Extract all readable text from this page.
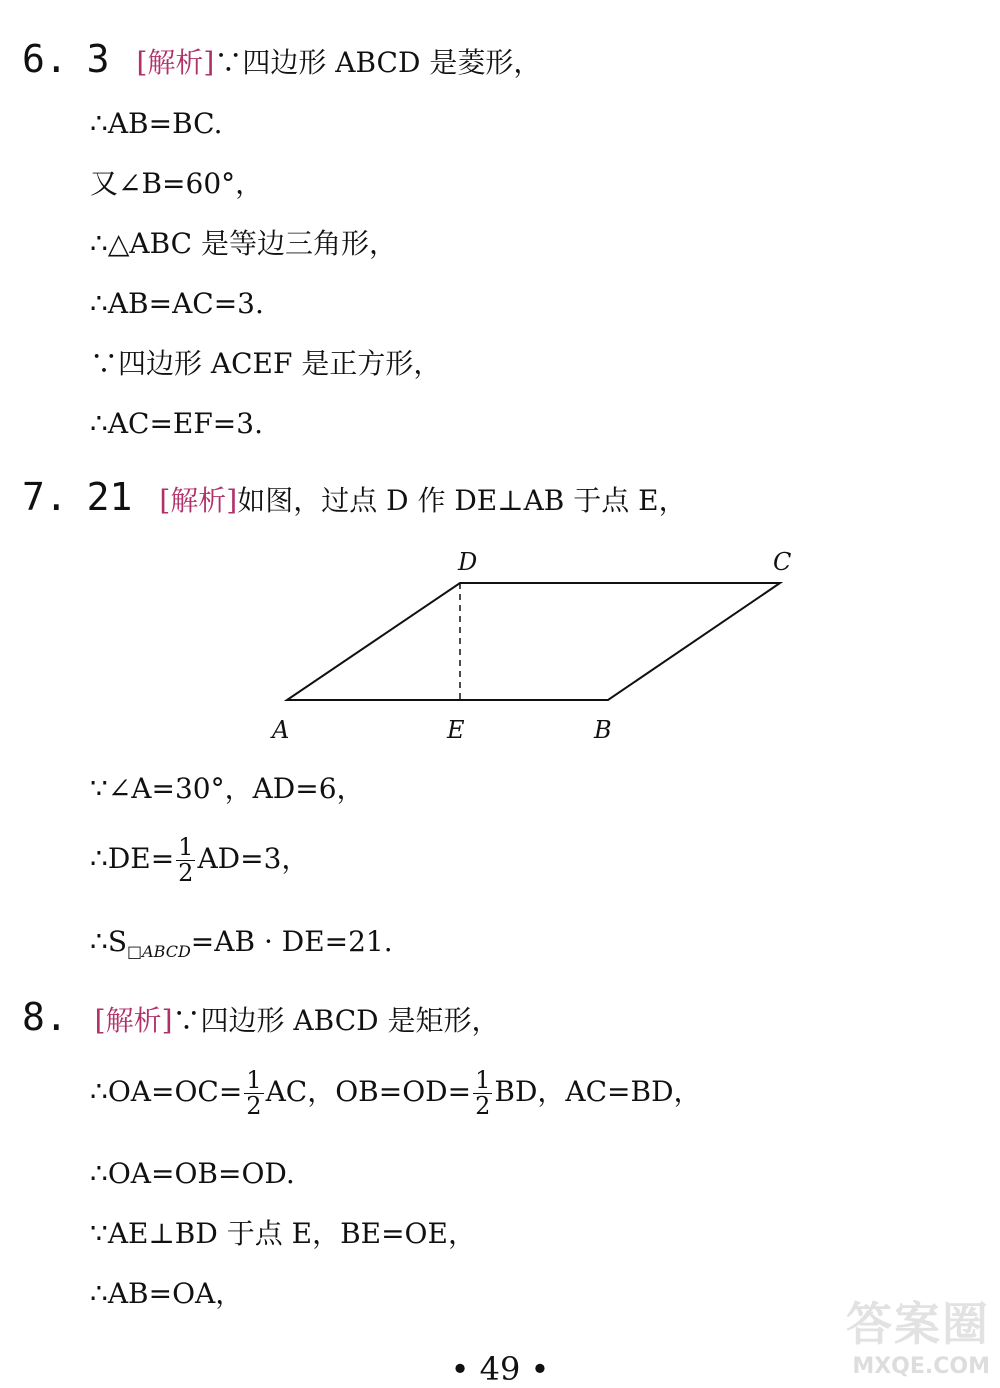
6. 3 [解析]∵四边形 ABCD 是菱形，
∴AB=BC.
又∠B=60°，
∴△ABC 是等边三角形，
∴AB=AC=3.
∵四边形 ACEF 是正方形，
∴AC=EF=3.
7. 21 [解析]如图，过点 D 作 DE⊥AB 于点 E，
D	C
A	E	B
∵∠A=30°，AD=6，
∴DE= $\frac{1}{2} AD=3$，
$\therefore S_{□ABCD}=AB \cdot DE=21$.
8. [解析]∵四边形 ABCD 是矩形，
∴OA=OC= $\frac{1}{2}$ AC，$OB=OD= \frac{1}{2}$ BD，AC=BD，
∴OA=OB=OD.
∵AE⊥BD 于点 E，BE=OE，
∴AB=OA，
• 49 •
答案圈
MXQE.COM
